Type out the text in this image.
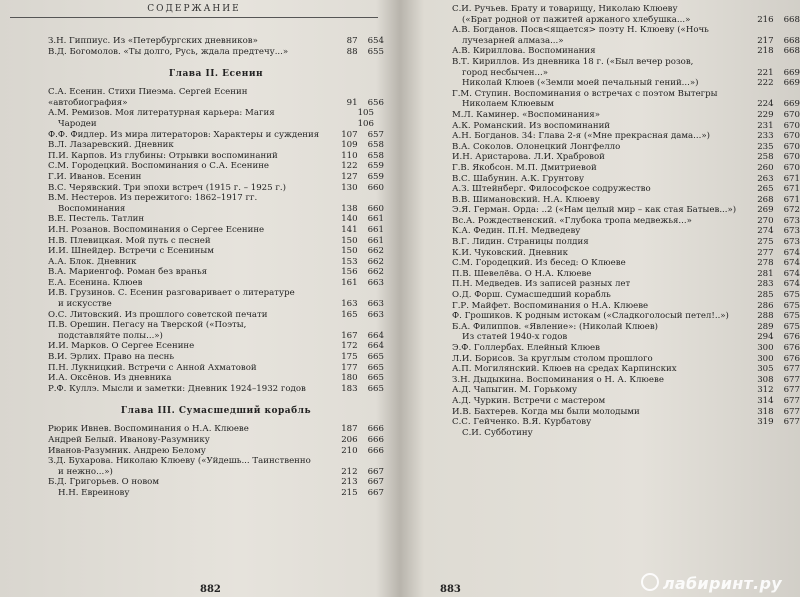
СОДЕРЖАНИЕ
З.Н. Гиппиус. Из «Петербургских дневников»	87	654
В.Д. Богомолов. «Ты долго, Русь, ждала предтечу...»	88	655
Глава II. Есенин
С.А. Есенин. Стихи Пиеэма. Сергей Есенин «автобиография»	91	656
А.М. Ремизов. Моя литературная карьера: Магия	105
Чародеи	106
Ф.Ф. Фидлер. Из мира литераторов: Характеры и суждения	107	657
В.Л. Лазаревский. Дневник	109	658
П.И. Карпов. Из глубины: Отрывки воспоминаний	110	658
С.М. Городецкий. Воспоминания о С.А. Есенине	122	659
Г.И. Иванов. Есенин	127	659
В.С. Черявский. Три эпохи встреч (1915 г. – 1925 г.)	130	660
В.М. Нестеров. Из пережитого: 1862–1917 гг.
Воспоминания	138	660
В.Е. Пестель. Татлин	140	661
И.Н. Розанов. Воспоминания о Сергее Есенине	141	661
Н.В. Плевицкая. Мой путь с песней	150	661
И.И. Шнейдер. Встречи с Есениным	150	662
А.А. Блок. Дневник	153	662
В.А. Мариенгоф. Роман без вранья	156	662
Е.А. Есенина. Клюев	161	663
И.В. Грузинов. С. Есенин разговаривает о литературе
и искусстве	163	663
О.С. Литовский. Из прошлого советской печати	165	663
П.В. Орешин. Пегасу на Тверской («Поэты,
подставляйте полы...»)	167	664
И.И. Марков. О Сергее Есенине	172	664
В.И. Эрлих. Право на песнь	175	665
П.Н. Лукницкий. Встречи с Анной Ахматовой	177	665
И.А. Оксёнов. Из дневника	180	665
Р.Ф. Куллэ. Мысли и заметки: Дневник 1924–1932 годов	183	665
Глава III. Сумасшедший корабль
Рюрик Ивнев. Воспоминания о Н.А. Клюеве	187	666
Андрей Белый. Иванову-Разумнику	206	666
Иванов-Разумник. Андрею Белому	210	666
З.Д. Бухарова. Николаю Клюеву («Уйдешь... Таинственно
и нежно...»)	212	667
Б.Д. Григорьев. О новом	213	667
Н.Н. Евреинову	215	667
882
С.И. Ручьев. Брату и товарищу, Николаю Клюеву
(«Брат родной от пажитей аржаного хлебушка...»	216	668
А.В. Богданов. Посв<ящается> поэту Н. Клюеву («Ночь
лучезарней алмаза...»	217	668
А.В. Кириллова. Воспоминания	218	668
В.Т. Кириллов. Из дневника 18 г. («Был вечер розов,
город несбычен...»	221	669
Николай Клюев («Земли моей печальный гений...»)	222	669
Г.М. Ступин. Воспоминания о встречах с поэтом Вытегры
Николаем Клюевым	224	669
М.Л. Каминер. «Воспоминания»	229	670
А.К. Романский. Из воспоминаний	231	670
А.Н. Богданов. 34: Глава 2-я («Мне прекрасная дама...»)	233	670
В.А. Соколов. Олонецкий Лонгфелло	235	670
И.Н. Аристарова. Л.И. Храбровой	258	670
Г.В. Якобсон. М.П. Дмитриевой	260	670
В.С. Шабунин. А.К. Грунтову	263	671
А.З. Штейнберг. Философское содружество	265	671
В.В. Шимановский. Н.А. Клюеву	268	671
Э.Я. Герман. Орда: ..2 («Нам целый мир – как стая Батыев...»)	269	672
Вс.А. Рождественский. «Глубока тропа медвежья...»	270	673
К.А. Федин. П.Н. Медведеву	274	673
В.Г. Лидин. Страницы полдия	275	673
К.И. Чуковский. Дневник	277	674
С.М. Городецкий. Из бесед: О Клюеве	278	674
П.В. Шевелёва. О Н.А. Клюеве	281	674
П.Н. Медведев. Из записей разных лет	283	674
О.Д. Форш. Сумасшедший корабль	285	675
Г.Р. Майфет. Воспоминания о Н.А. Клюеве	286	675
Ф. Грошиков. К родным истокам («Сладкоголосый петел!..»)	288	675
Б.А. Филиппов. «Явление»: (Николай Клюев)	289	675
Из статей 1940-х годов	294	676
Э.Ф. Голлербах. Елейный Клюев	300	676
Л.И. Борисов. За круглым столом прошлого	300	676
А.П. Могилянский. Клюев на средах Карпинских	305	677
З.Н. Дыдыкина. Воспоминания о Н. А. Клюеве	308	677
А.Д. Чапыгин. М. Горькому	312	677
А.Д. Чуркин. Встречи с мастером	314	677
И.В. Бахтерев. Когда мы были молодыми	318	677
С.С. Гейченко. В.Я. Курбатову	319	677
С.И. Субботину
883	лабиринт.ру
